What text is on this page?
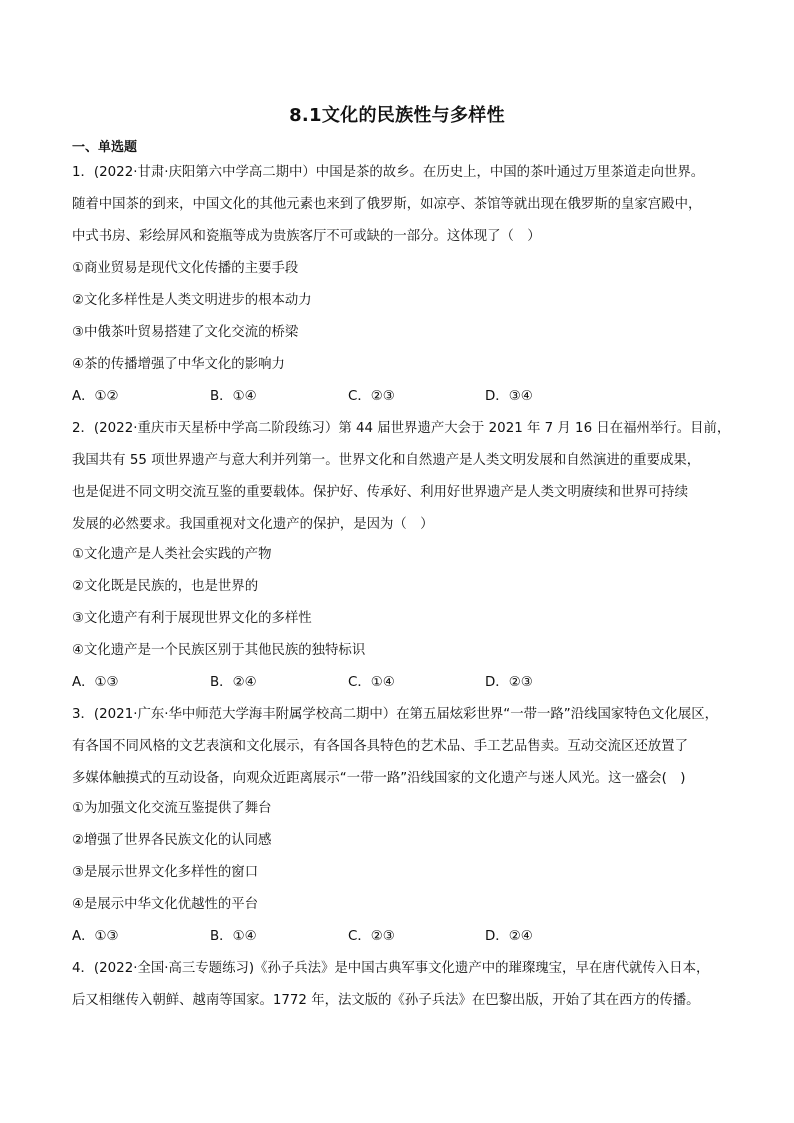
8.1文化的民族性与多样性
一、单选题
1．(2022·甘肃·庆阳第六中学高二期中）中国是茶的故乡。在历史上，中国的茶叶通过万里茶道走向世界。
随着中国茶的到来，中国文化的其他元素也来到了俄罗斯，如凉亭、茶馆等就出现在俄罗斯的皇家宫殿中，
中式书房、彩绘屏风和瓷瓶等成为贵族客厅不可或缺的一部分。这体现了（　）
①商业贸易是现代文化传播的主要手段
②文化多样性是人类文明进步的根本动力
③中俄茶叶贸易搭建了文化交流的桥梁
④茶的传播增强了中华文化的影响力
A．①②	B．①④	C．②③	D．③④
2．(2022·重庆市天星桥中学高二阶段练习）第 44 届世界遗产大会于 2021 年 7 月 16 日在福州举行。目前，
我国共有 55 项世界遗产与意大利并列第一。世界文化和自然遗产是人类文明发展和自然演进的重要成果，
也是促进不同文明交流互鉴的重要载体。保护好、传承好、利用好世界遗产是人类文明赓续和世界可持续
发展的必然要求。我国重视对文化遗产的保护，是因为（　）
①文化遗产是人类社会实践的产物
②文化既是民族的，也是世界的
③文化遗产有利于展现世界文化的多样性
④文化遗产是一个民族区别于其他民族的独特标识
A．①③	B．②④	C．①④	D．②③
3．(2021·广东·华中师范大学海丰附属学校高二期中）在第五届炫彩世界“一带一路”沿线国家特色文化展区，
有各国不同风格的文艺表演和文化展示，有各国各具特色的艺术品、手工艺品售卖。互动交流区还放置了
多媒体触摸式的互动设备，向观众近距离展示“一带一路”沿线国家的文化遗产与迷人风光。这一盛会(　)
①为加强文化交流互鉴提供了舞台
②增强了世界各民族文化的认同感
③是展示世界文化多样性的窗口
④是展示中华文化优越性的平台
A．①③	B．①④	C．②③	D．②④
4．(2022·全国·高三专题练习)《孙子兵法》是中国古典军事文化遗产中的璀璨瑰宝，早在唐代就传入日本，
后又相继传入朝鲜、越南等国家。1772 年，法文版的《孙子兵法》在巴黎出版，开始了其在西方的传播。
